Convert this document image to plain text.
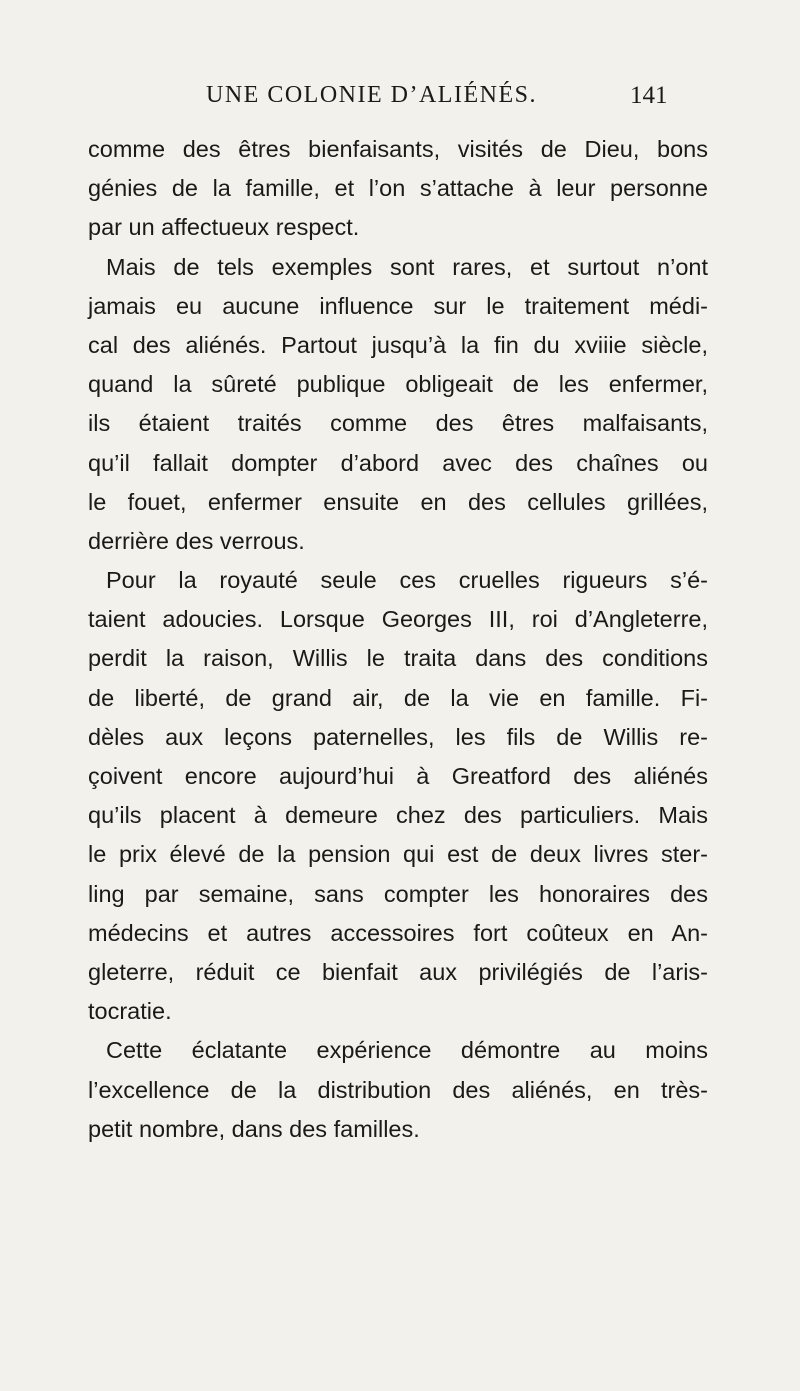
UNE COLONIE D’ALIÉNÉS.	141
comme des êtres bienfaisants, visités de Dieu, bons
génies de la famille, et l’on s’attache à leur personne
par un affectueux respect.
Mais de tels exemples sont rares, et surtout n’ont
jamais eu aucune influence sur le traitement médi-
cal des aliénés. Partout jusqu’à la fin du xviiie siècle,
quand la sûreté publique obligeait de les enfermer,
ils étaient traités comme des êtres malfaisants,
qu’il fallait dompter d’abord avec des chaînes ou
le fouet, enfermer ensuite en des cellules grillées,
derrière des verrous.
Pour la royauté seule ces cruelles rigueurs s’é-
taient adoucies. Lorsque Georges III, roi d’Angleterre,
perdit la raison, Willis le traita dans des conditions
de liberté, de grand air, de la vie en famille. Fi-
dèles aux leçons paternelles, les fils de Willis re-
çoivent encore aujourd’hui à Greatford des aliénés
qu’ils placent à demeure chez des particuliers. Mais
le prix élevé de la pension qui est de deux livres ster-
ling par semaine, sans compter les honoraires des
médecins et autres accessoires fort coûteux en An-
gleterre, réduit ce bienfait aux privilégiés de l’aris-
tocratie.
Cette éclatante expérience démontre au moins
l’excellence de la distribution des aliénés, en très-
petit nombre, dans des familles.
